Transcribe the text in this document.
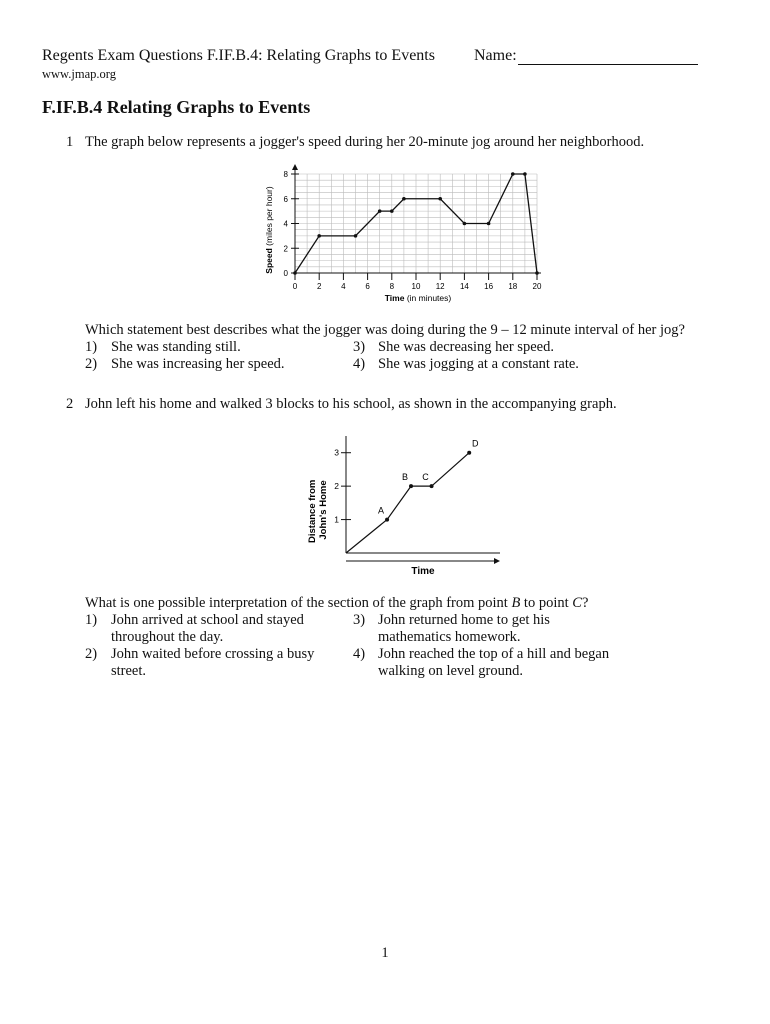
Regents Exam Questions F.IF.B.4: Relating Graphs to Events
www.jmap.org
Name:
F.IF.B.4 Relating Graphs to Events
1 The graph below represents a jogger's speed during her 20-minute jog around her neighborhood.
0 2 4 6 8 10 12 14 16 18 20
0
2
4
6
8
Time (in minutes)
Speed (miles per hour)
Which statement best describes what the jogger was doing during the 9 – 12 minute interval of her jog?
1) She was standing still.
2) She was increasing her speed.
3) She was decreasing her speed.
4) She was jogging at a constant rate.
2 John left his home and walked 3 blocks to his school, as shown in the accompanying graph.
1
2
3
A
B C
D
Time
Distance from John's Home
What is one possible interpretation of the section of the graph from point B to point C?
1) John arrived at school and stayed
throughout the day.
2) John waited before crossing a busy
street.
3) John returned home to get his
mathematics homework.
4) John reached the top of a hill and began
walking on level ground.
1
